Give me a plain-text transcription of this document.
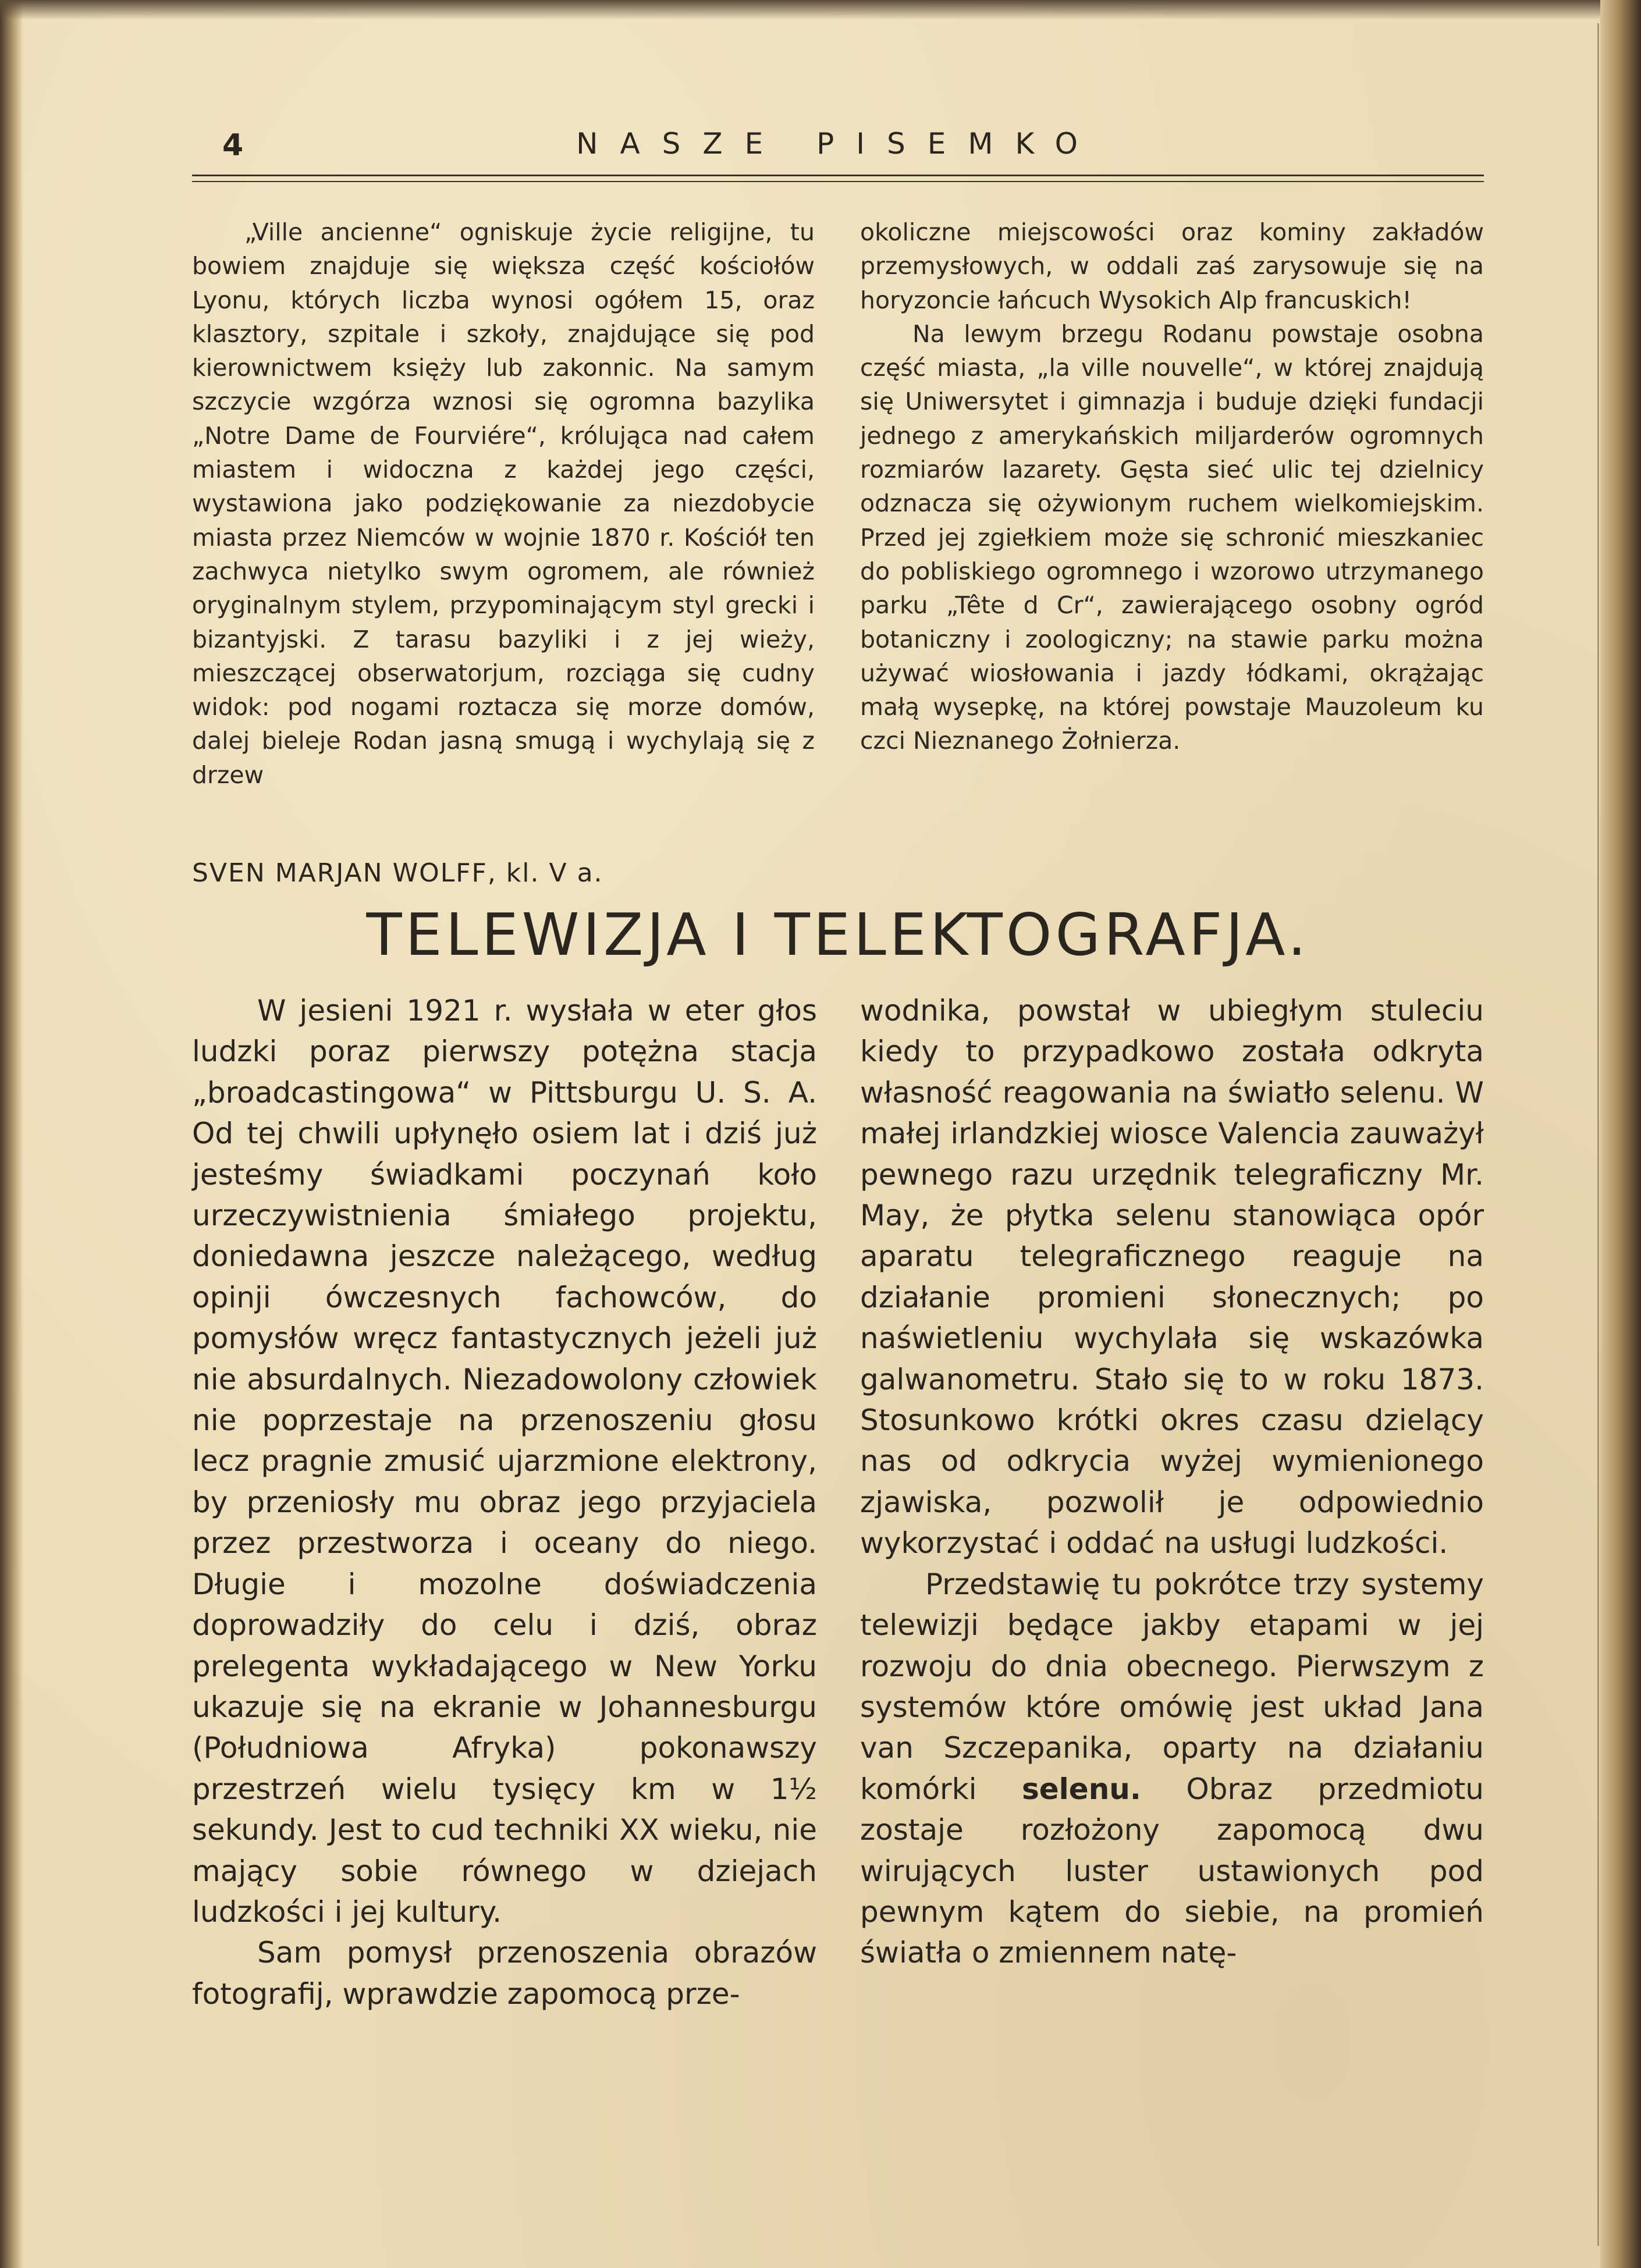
4	NASZE PISEMKO

„Ville ancienne“ ogniskuje życie religijne, tu bowiem znajduje się większa część kościołów Lyonu, których liczba wynosi ogółem 15, oraz klasztory, szpitale i szkoły, znajdujące się pod kierownictwem księży lub zakonnic. Na samym szczycie wzgórza wznosi się ogromna bazylika „Notre Dame de Fourviére“, królująca nad całem miastem i widoczna z każdej jego części, wystawiona jako podziękowanie za niezdobycie miasta przez Niemców w wojnie 1870 r. Kościół ten zachwyca nietylko swym ogromem, ale również oryginalnym stylem, przypominającym styl grecki i bizantyjski. Z tarasu bazyliki i z jej wieży, mieszczącej obserwatorjum, rozciąga się cudny widok: pod nogami roztacza się morze domów, dalej bieleje Rodan jasną smugą i wychylają się z drzew

okoliczne miejscowości oraz kominy zakładów przemysłowych, w oddali zaś zarysowuje się na horyzoncie łańcuch Wysokich Alp francuskich!

Na lewym brzegu Rodanu powstaje osobna część miasta, „la ville nouvelle“, w której znajdują się Uniwersytet i gimnazja i buduje dzięki fundacji jednego z amerykańskich miljarderów ogromnych rozmiarów lazarety. Gęsta sieć ulic tej dzielnicy odznacza się ożywionym ruchem wielkomiejskim. Przed jej zgiełkiem może się schronić mieszkaniec do pobliskiego ogromnego i wzorowo utrzymanego parku „Tête d Cr“, zawierającego osobny ogród botaniczny i zoologiczny; na stawie parku można używać wiosłowania i jazdy łódkami, okrążając małą wysepkę, na której powstaje Mauzoleum ku czci Nieznanego Żołnierza.

SVEN MARJAN WOLFF, kl. V a.
TELEWIZJA I TELEKTOGRAFJA.

W jesieni 1921 r. wysłała w eter głos ludzki poraz pierwszy potężna stacja „broadcastingowa“ w Pittsburgu U. S. A. Od tej chwili upłynęło osiem lat i dziś już jesteśmy świadkami poczynań koło urzeczywistnienia śmiałego projektu, doniedawna jeszcze należącego, według opinji ówczesnych fachowców, do pomysłów wręcz fantastycznych jeżeli już nie absurdalnych. Niezadowolony człowiek nie poprzestaje na przenoszeniu głosu lecz pragnie zmusić ujarzmione elektrony, by przeniosły mu obraz jego przyjaciela przez przestworza i oceany do niego. Długie i mozolne doświadczenia doprowadziły do celu i dziś, obraz prelegenta wykładającego w New Yorku ukazuje się na ekranie w Johannesburgu (Południowa Afryka) pokonawszy przestrzeń wielu tysięcy km w 1½ sekundy. Jest to cud techniki XX wieku, nie mający sobie równego w dziejach ludzkości i jej kultury.

Sam pomysł przenoszenia obrazów fotografij, wprawdzie zapomocą prze-

wodnika, powstał w ubiegłym stuleciu kiedy to przypadkowo została odkryta własność reagowania na światło selenu. W małej irlandzkiej wiosce Valencia zauważył pewnego razu urzędnik telegraficzny Mr. May, że płytka selenu stanowiąca opór aparatu telegraficznego reaguje na działanie promieni słonecznych; po naświetleniu wychylała się wskazówka galwanometru. Stało się to w roku 1873. Stosunkowo krótki okres czasu dzielący nas od odkrycia wyżej wymienionego zjawiska, pozwolił je odpowiednio wykorzystać i oddać na usługi ludzkości.

Przedstawię tu pokrótce trzy systemy telewizji będące jakby etapami w jej rozwoju do dnia obecnego. Pierwszym z systemów które omówię jest układ Jana van Szczepanika, oparty na działaniu komórki selenu. Obraz przedmiotu zostaje rozłożony zapomocą dwu wirujących luster ustawionych pod pewnym kątem do siebie, na promień światła o zmiennem natę-
